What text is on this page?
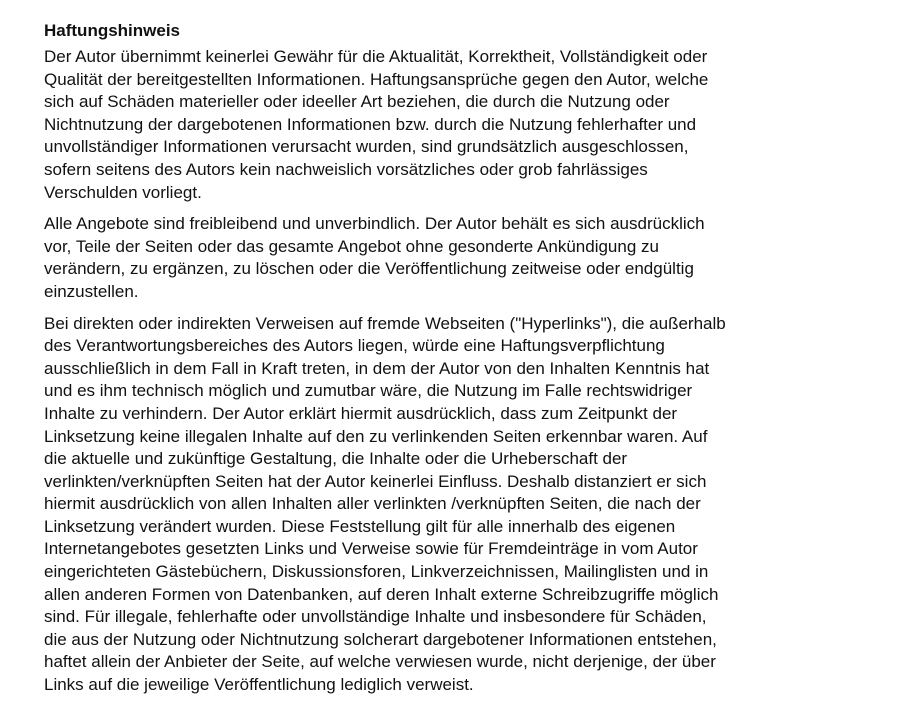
Haftungshinweis
Der Autor übernimmt keinerlei Gewähr für die Aktualität, Korrektheit, Vollständigkeit oder
Qualität der bereitgestellten Informationen. Haftungsansprüche gegen den Autor, welche
sich auf Schäden materieller oder ideeller Art beziehen, die durch die Nutzung oder
Nichtnutzung der dargebotenen Informationen bzw. durch die Nutzung fehlerhafter und
unvollständiger Informationen verursacht wurden, sind grundsätzlich ausgeschlossen,
sofern seitens des Autors kein nachweislich vorsätzliches oder grob fahrlässiges
Verschulden vorliegt.
Alle Angebote sind freibleibend und unverbindlich. Der Autor behält es sich ausdrücklich
vor, Teile der Seiten oder das gesamte Angebot ohne gesonderte Ankündigung zu
verändern, zu ergänzen, zu löschen oder die Veröffentlichung zeitweise oder endgültig
einzustellen.
Bei direkten oder indirekten Verweisen auf fremde Webseiten ("Hyperlinks"), die außerhalb
des Verantwortungsbereiches des Autors liegen, würde eine Haftungsverpflichtung
ausschließlich in dem Fall in Kraft treten, in dem der Autor von den Inhalten Kenntnis hat
und es ihm technisch möglich und zumutbar wäre, die Nutzung im Falle rechtswidriger
Inhalte zu verhindern. Der Autor erklärt hiermit ausdrücklich, dass zum Zeitpunkt der
Linksetzung keine illegalen Inhalte auf den zu verlinkenden Seiten erkennbar waren. Auf
die aktuelle und zukünftige Gestaltung, die Inhalte oder die Urheberschaft der
verlinkten/verknüpften Seiten hat der Autor keinerlei Einfluss. Deshalb distanziert er sich
hiermit ausdrücklich von allen Inhalten aller verlinkten /verknüpften Seiten, die nach der
Linksetzung verändert wurden. Diese Feststellung gilt für alle innerhalb des eigenen
Internetangebotes gesetzten Links und Verweise sowie für Fremdeinträge in vom Autor
eingerichteten Gästebüchern, Diskussionsforen, Linkverzeichnissen, Mailinglisten und in
allen anderen Formen von Datenbanken, auf deren Inhalt externe Schreibzugriffe möglich
sind. Für illegale, fehlerhafte oder unvollständige Inhalte und insbesondere für Schäden,
die aus der Nutzung oder Nichtnutzung solcherart dargebotener Informationen entstehen,
haftet allein der Anbieter der Seite, auf welche verwiesen wurde, nicht derjenige, der über
Links auf die jeweilige Veröffentlichung lediglich verweist.
